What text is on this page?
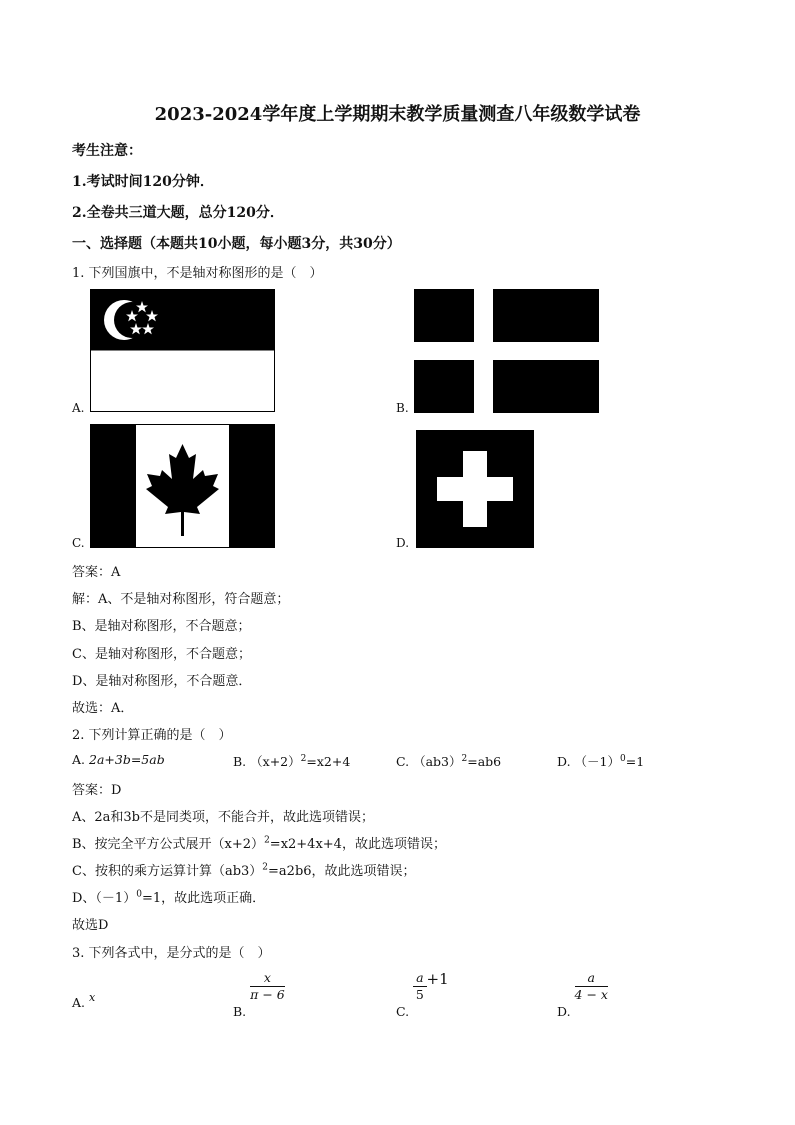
2023-2024学年度上学期期末教学质量测查八年级数学试卷
考生注意：
1.考试时间120分钟．
2.全卷共三道大题，总分120分．
一、选择题（本题共10小题，每小题3分，共30分）
1. 下列国旗中，不是轴对称图形的是（　）
A.	B.
C.	D.
答案：A
解：A、不是轴对称图形，符合题意；
B、是轴对称图形，不合题意；
C、是轴对称图形，不合题意；
D、是轴对称图形，不合题意．
故选：A．
2. 下列计算正确的是（　）
A. 2a+3b=5ab	B. $(x+2)^2=x2+4$	C. $(ab3)^2=ab6$	D. $(-1)^0=1$
答案：D
A、2a和3b不是同类项，不能合并，故此选项错误；
B、按完全平方公式展开$(x+2)^2=x2+4x+4$，故此选项错误；
C、按积的乘方运算计算$(ab3)^2=a2b6$，故此选项错误；
D、$(-1)^0=1$，故此选项正确．
故选D
3. 下列各式中，是分式的是（　）
A. x
B.
$\frac{x}{\pi - 6}$
C.
$\frac{a}{5} +1$
D.
$\frac{a}{4 - x}$
